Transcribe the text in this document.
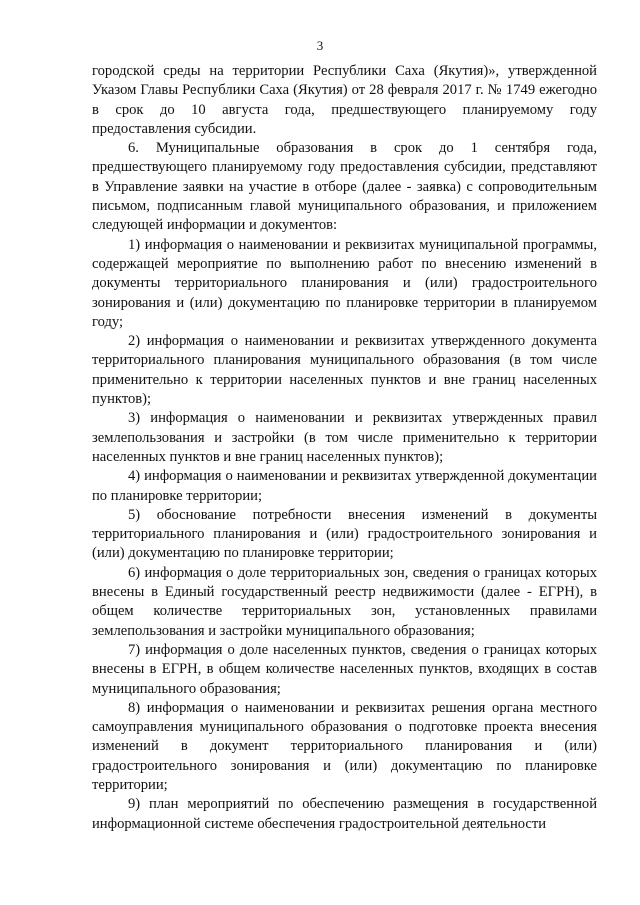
3

городской среды на территории Республики Саха (Якутия)», утвержденной Указом Главы Республики Саха (Якутия) от 28 февраля 2017 г. № 1749 ежегодно в срок до 10 августа года, предшествующего планируемому году предоставления субсидии.

6. Муниципальные образования в срок до 1 сентября года, предшествующего планируемому году предоставления субсидии, представляют в Управление заявки на участие в отборе (далее - заявка) с сопроводительным письмом, подписанным главой муниципального образования, и приложением следующей информации и документов:

1) информация о наименовании и реквизитах муниципальной программы, содержащей мероприятие по выполнению работ по внесению изменений в документы территориального планирования и (или) градостроительного зонирования и (или) документацию по планировке территории в планируемом году;

2) информация о наименовании и реквизитах утвержденного документа территориального планирования муниципального образования (в том числе применительно к территории населенных пунктов и вне границ населенных пунктов);

3) информация о наименовании и реквизитах утвержденных правил землепользования и застройки (в том числе применительно к территории населенных пунктов и вне границ населенных пунктов);

4) информация о наименовании и реквизитах утвержденной документации по планировке территории;

5) обоснование потребности внесения изменений в документы территориального планирования и (или) градостроительного зонирования и (или) документацию по планировке территории;

6) информация о доле территориальных зон, сведения о границах которых внесены в Единый государственный реестр недвижимости (далее - ЕГРН), в общем количестве территориальных зон, установленных правилами землепользования и застройки муниципального образования;

7) информация о доле населенных пунктов, сведения о границах которых внесены в ЕГРН, в общем количестве населенных пунктов, входящих в состав муниципального образования;

8) информация о наименовании и реквизитах решения органа местного самоуправления муниципального образования о подготовке проекта внесения изменений в документ территориального планирования и (или) градостроительного зонирования и (или) документацию по планировке территории;

9) план мероприятий по обеспечению размещения в государственной информационной системе обеспечения градостроительной деятельности
